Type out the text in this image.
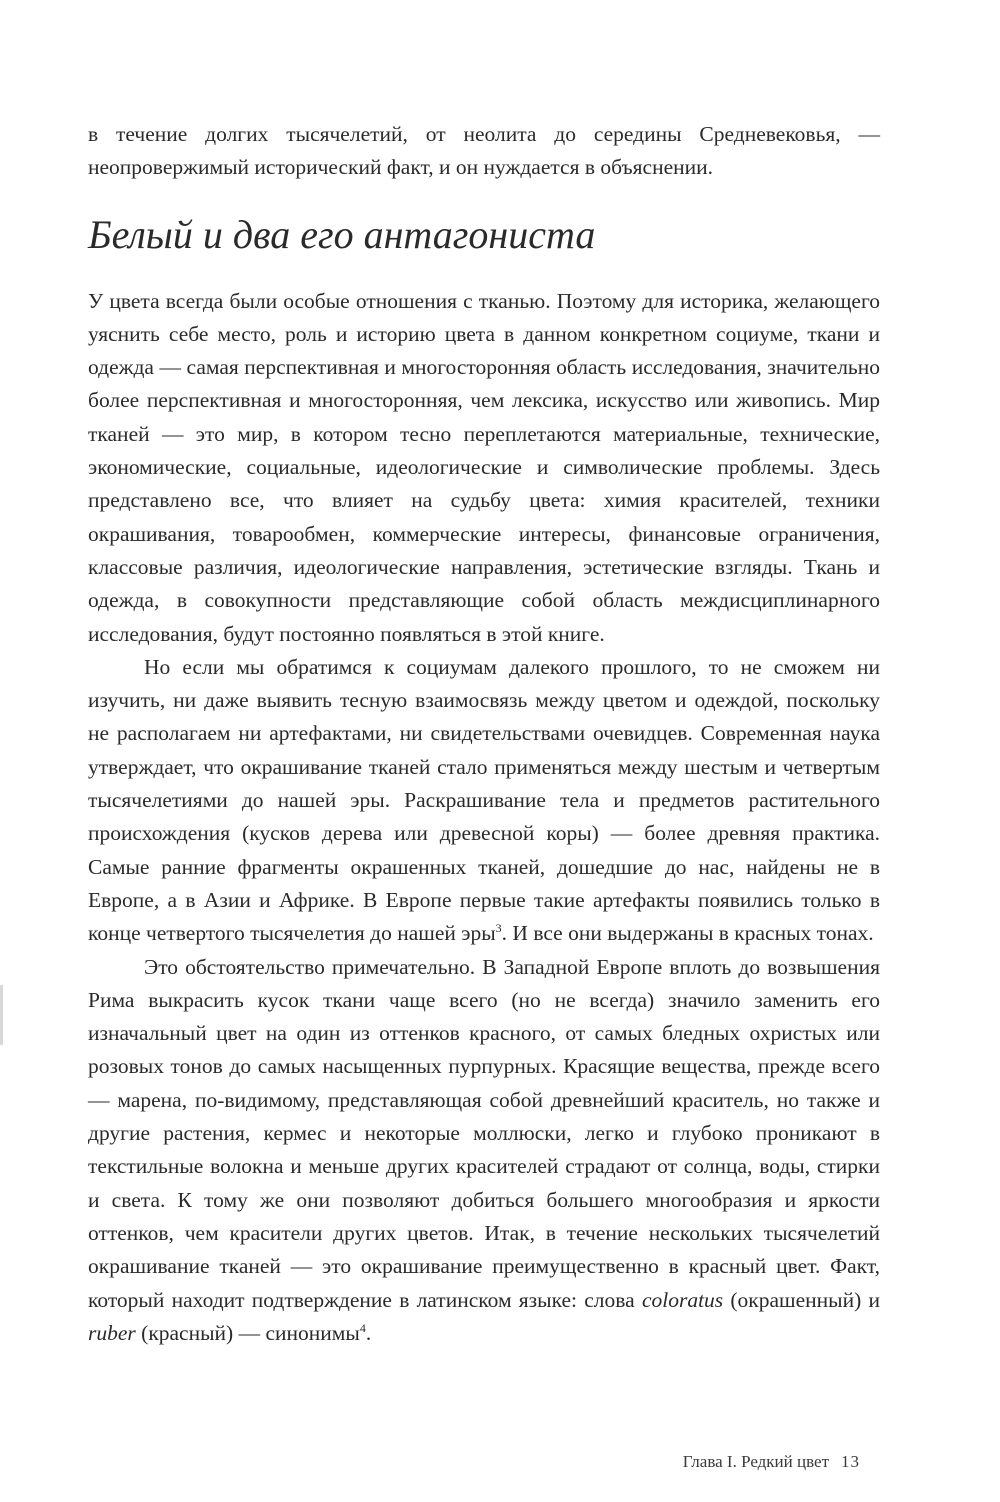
в течение долгих тысячелетий, от неолита до середины Средневековья, — неопровержимый исторический факт, и он нуждается в объяснении.

Белый и два его антагониста

У цвета всегда были особые отношения с тканью. Поэтому для историка, желающего уяснить себе место, роль и историю цвета в данном конкретном социуме, ткани и одежда — самая перспективная и многосторонняя область исследования, значительно более перспективная и многосторонняя, чем лексика, искусство или живопись. Мир тканей — это мир, в котором тесно переплетаются материальные, технические, экономические, социальные, идеологические и символические проблемы. Здесь представлено все, что влияет на судьбу цвета: химия красителей, техники окрашивания, товарообмен, коммерческие интересы, финансовые ограничения, классовые различия, идеологические направления, эстетические взгляды. Ткань и одежда, в совокупности представляющие собой область междисциплинарного исследования, будут постоянно появляться в этой книге.

Но если мы обратимся к социумам далекого прошлого, то не сможем ни изучить, ни даже выявить тесную взаимосвязь между цветом и одеждой, поскольку не располагаем ни артефактами, ни свидетельствами очевидцев. Современная наука утверждает, что окрашивание тканей стало применяться между шестым и четвертым тысячелетиями до нашей эры. Раскрашивание тела и предметов растительного происхождения (кусков дерева или древесной коры) — более древняя практика. Самые ранние фрагменты окрашенных тканей, дошедшие до нас, найдены не в Европе, а в Азии и Африке. В Европе первые такие артефакты появились только в конце четвертого тысячелетия до нашей эры$^3$. И все они выдержаны в красных тонах.

Это обстоятельство примечательно. В Западной Европе вплоть до возвышения Рима выкрасить кусок ткани чаще всего (но не всегда) значило заменить его изначальный цвет на один из оттенков красного, от самых бледных охристых или розовых тонов до самых насыщенных пурпурных. Красящие вещества, прежде всего — марена, по-видимому, представляющая собой древнейший краситель, но также и другие растения, кермес и некоторые моллюски, легко и глубоко проникают в текстильные волокна и меньше других красителей страдают от солнца, воды, стирки и света. К тому же они позволяют добиться большего многообразия и яркости оттенков, чем красители других цветов. Итак, в течение нескольких тысячелетий окрашивание тканей — это окрашивание преимущественно в красный цвет. Факт, который находит подтверждение в латинском языке: слова coloratus (окрашенный) и ruber (красный) — синонимы$^4$.

Глава I. Редкий цвет 13
